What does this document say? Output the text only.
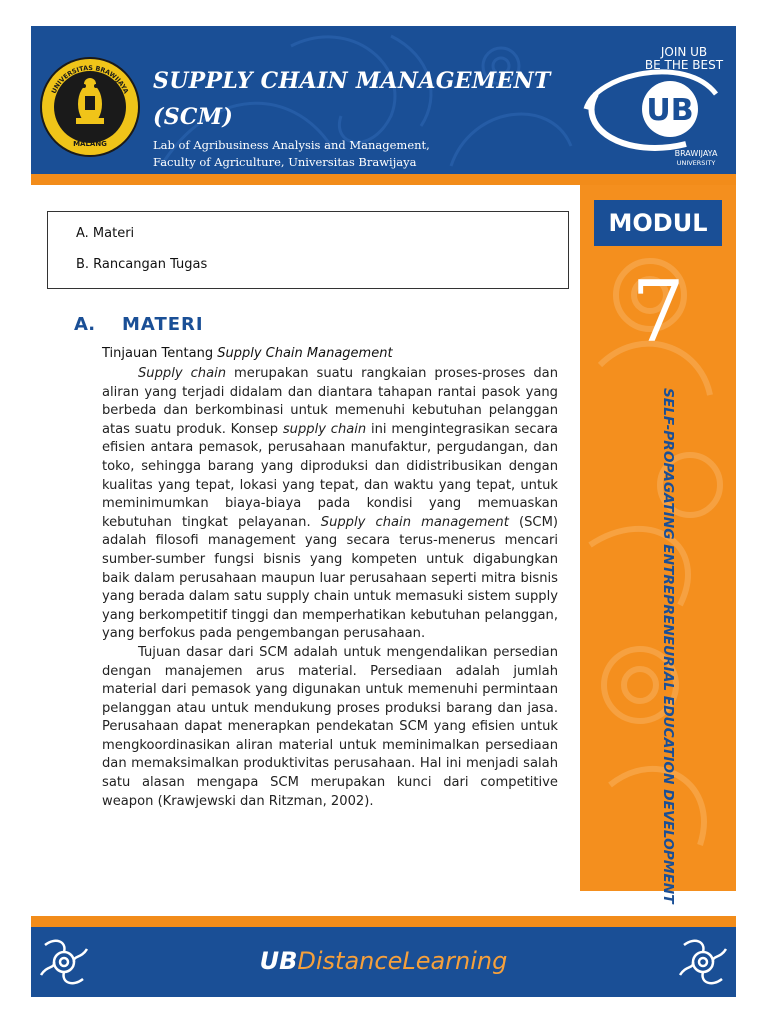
UNIVERSITAS BRAWIJAYA
MALANG
SUPPLY CHAIN MANAGEMENT
(SCM)
Lab of Agribusiness Analysis and Management,
Faculty of Agriculture, Universitas Brawijaya
JOIN UB
BE THE BEST
UB
BRAWIJAYA
UNIVERSITY
MODUL
7
SELF-PROPAGATING ENTREPRENEURIAL EDUCATION DEVELOPMENT
A. Materi
B. Rancangan Tugas
A. MATERI
Tinjauan Tentang Supply Chain Management

Supply chain merupakan suatu rangkaian proses-proses dan aliran yang terjadi didalam dan diantara tahapan rantai pasok yang berbeda dan berkombinasi untuk memenuhi kebutuhan pelanggan atas suatu produk. Konsep supply chain ini mengintegrasikan secara efisien antara pemasok, perusahaan manufaktur, pergudangan, dan toko, sehingga barang yang diproduksi dan didistribusikan dengan kualitas yang tepat, lokasi yang tepat, dan waktu yang tepat, untuk meminimumkan biaya-biaya pada kondisi yang memuaskan kebutuhan tingkat pelayanan. Supply chain management (SCM) adalah filosofi management yang secara terus-menerus mencari sumber-sumber fungsi bisnis yang kompeten untuk digabungkan baik dalam perusahaan maupun luar perusahaan seperti mitra bisnis yang berada dalam satu supply chain untuk memasuki sistem supply yang berkompetitif tinggi dan memperhatikan kebutuhan pelanggan, yang berfokus pada pengembangan perusahaan.

Tujuan dasar dari SCM adalah untuk mengendalikan persedian dengan manajemen arus material. Persediaan adalah jumlah material dari pemasok yang digunakan untuk memenuhi permintaan pelanggan atau untuk mendukung proses produksi barang dan jasa. Perusahaan dapat menerapkan pendekatan SCM yang efisien untuk mengkoordinasikan aliran material untuk meminimalkan persediaan dan memaksimalkan produktivitas perusahaan. Hal ini menjadi salah satu alasan mengapa SCM merupakan kunci dari competitive weapon (Krawjewski dan Ritzman, 2002).

UBDistanceLearning
